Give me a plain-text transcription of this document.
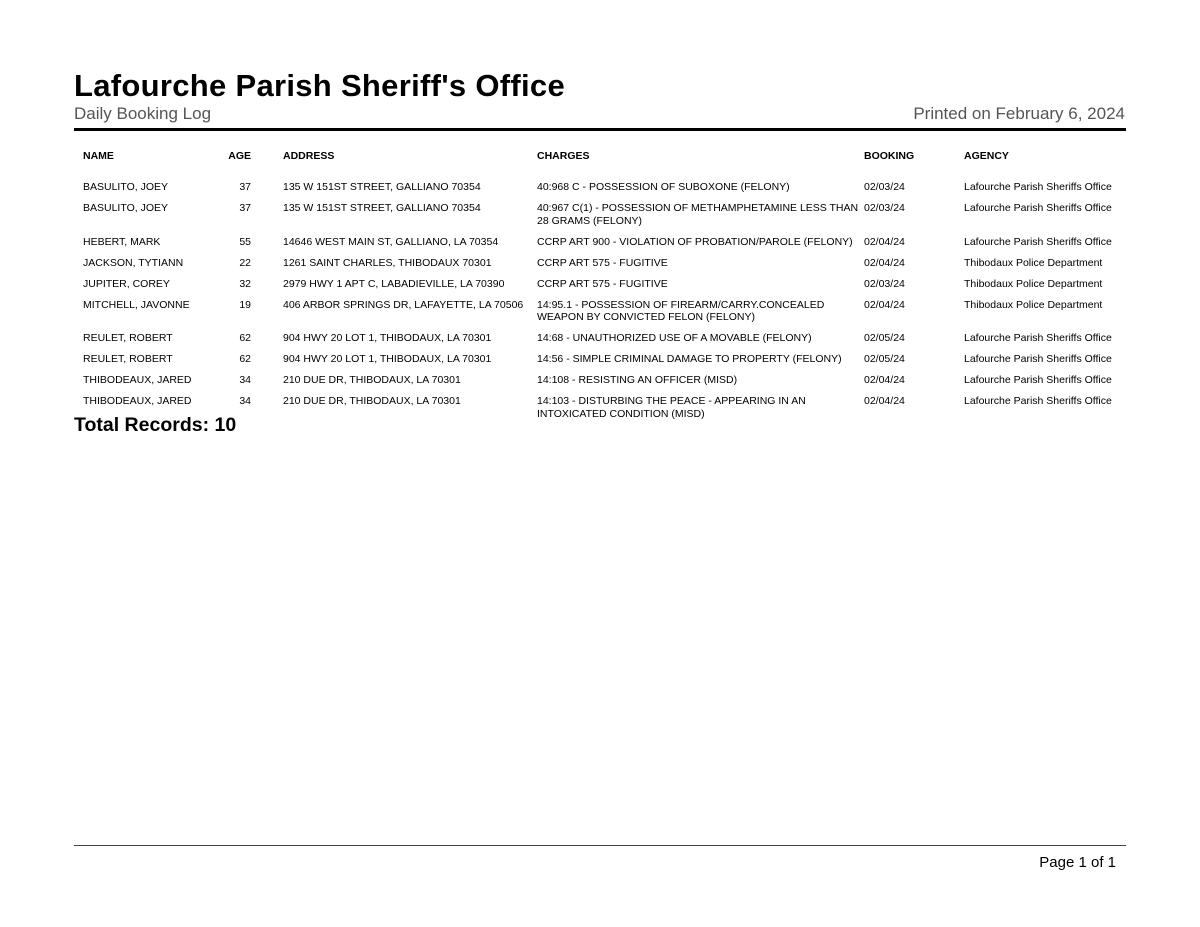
Lafourche Parish Sheriff's Office
Daily Booking Log	Printed on February 6, 2024
NAME	AGE	ADDRESS	CHARGES	BOOKING	AGENCY
BASULITO, JOEY	37	135 W 151ST STREET, GALLIANO 70354	40:968 C - POSSESSION OF SUBOXONE (FELONY)	02/03/24	Lafourche Parish Sheriffs Office
BASULITO, JOEY	37	135 W 151ST STREET, GALLIANO 70354	40:967 C(1) - POSSESSION OF METHAMPHETAMINE LESS THAN 28 GRAMS (FELONY)	02/03/24	Lafourche Parish Sheriffs Office
HEBERT, MARK	55	14646 WEST MAIN ST, GALLIANO, LA 70354	CCRP ART 900 - VIOLATION OF PROBATION/PAROLE (FELONY)	02/04/24	Lafourche Parish Sheriffs Office
JACKSON, TYTIANN	22	1261 SAINT CHARLES, THIBODAUX 70301	CCRP ART 575 - FUGITIVE	02/04/24	Thibodaux Police Department
JUPITER, COREY	32	2979 HWY 1 APT C, LABADIEVILLE, LA 70390	CCRP ART 575 - FUGITIVE	02/03/24	Thibodaux Police Department
MITCHELL, JAVONNE	19	406 ARBOR SPRINGS DR, LAFAYETTE, LA 70506	14:95.1 - POSSESSION OF FIREARM/CARRY.CONCEALED WEAPON BY CONVICTED FELON (FELONY)	02/04/24	Thibodaux Police Department
REULET, ROBERT	62	904 HWY 20 LOT 1, THIBODAUX, LA 70301	14:68 - UNAUTHORIZED USE OF A MOVABLE (FELONY)	02/05/24	Lafourche Parish Sheriffs Office
REULET, ROBERT	62	904 HWY 20 LOT 1, THIBODAUX, LA 70301	14:56 - SIMPLE CRIMINAL DAMAGE TO PROPERTY (FELONY)	02/05/24	Lafourche Parish Sheriffs Office
THIBODEAUX, JARED	34	210 DUE DR, THIBODAUX, LA 70301	14:108 - RESISTING AN OFFICER (MISD)	02/04/24	Lafourche Parish Sheriffs Office
THIBODEAUX, JARED	34	210 DUE DR, THIBODAUX, LA 70301	14:103 - DISTURBING THE PEACE - APPEARING IN AN INTOXICATED CONDITION (MISD)	02/04/24	Lafourche Parish Sheriffs Office
Total Records: 10
Page 1 of 1
